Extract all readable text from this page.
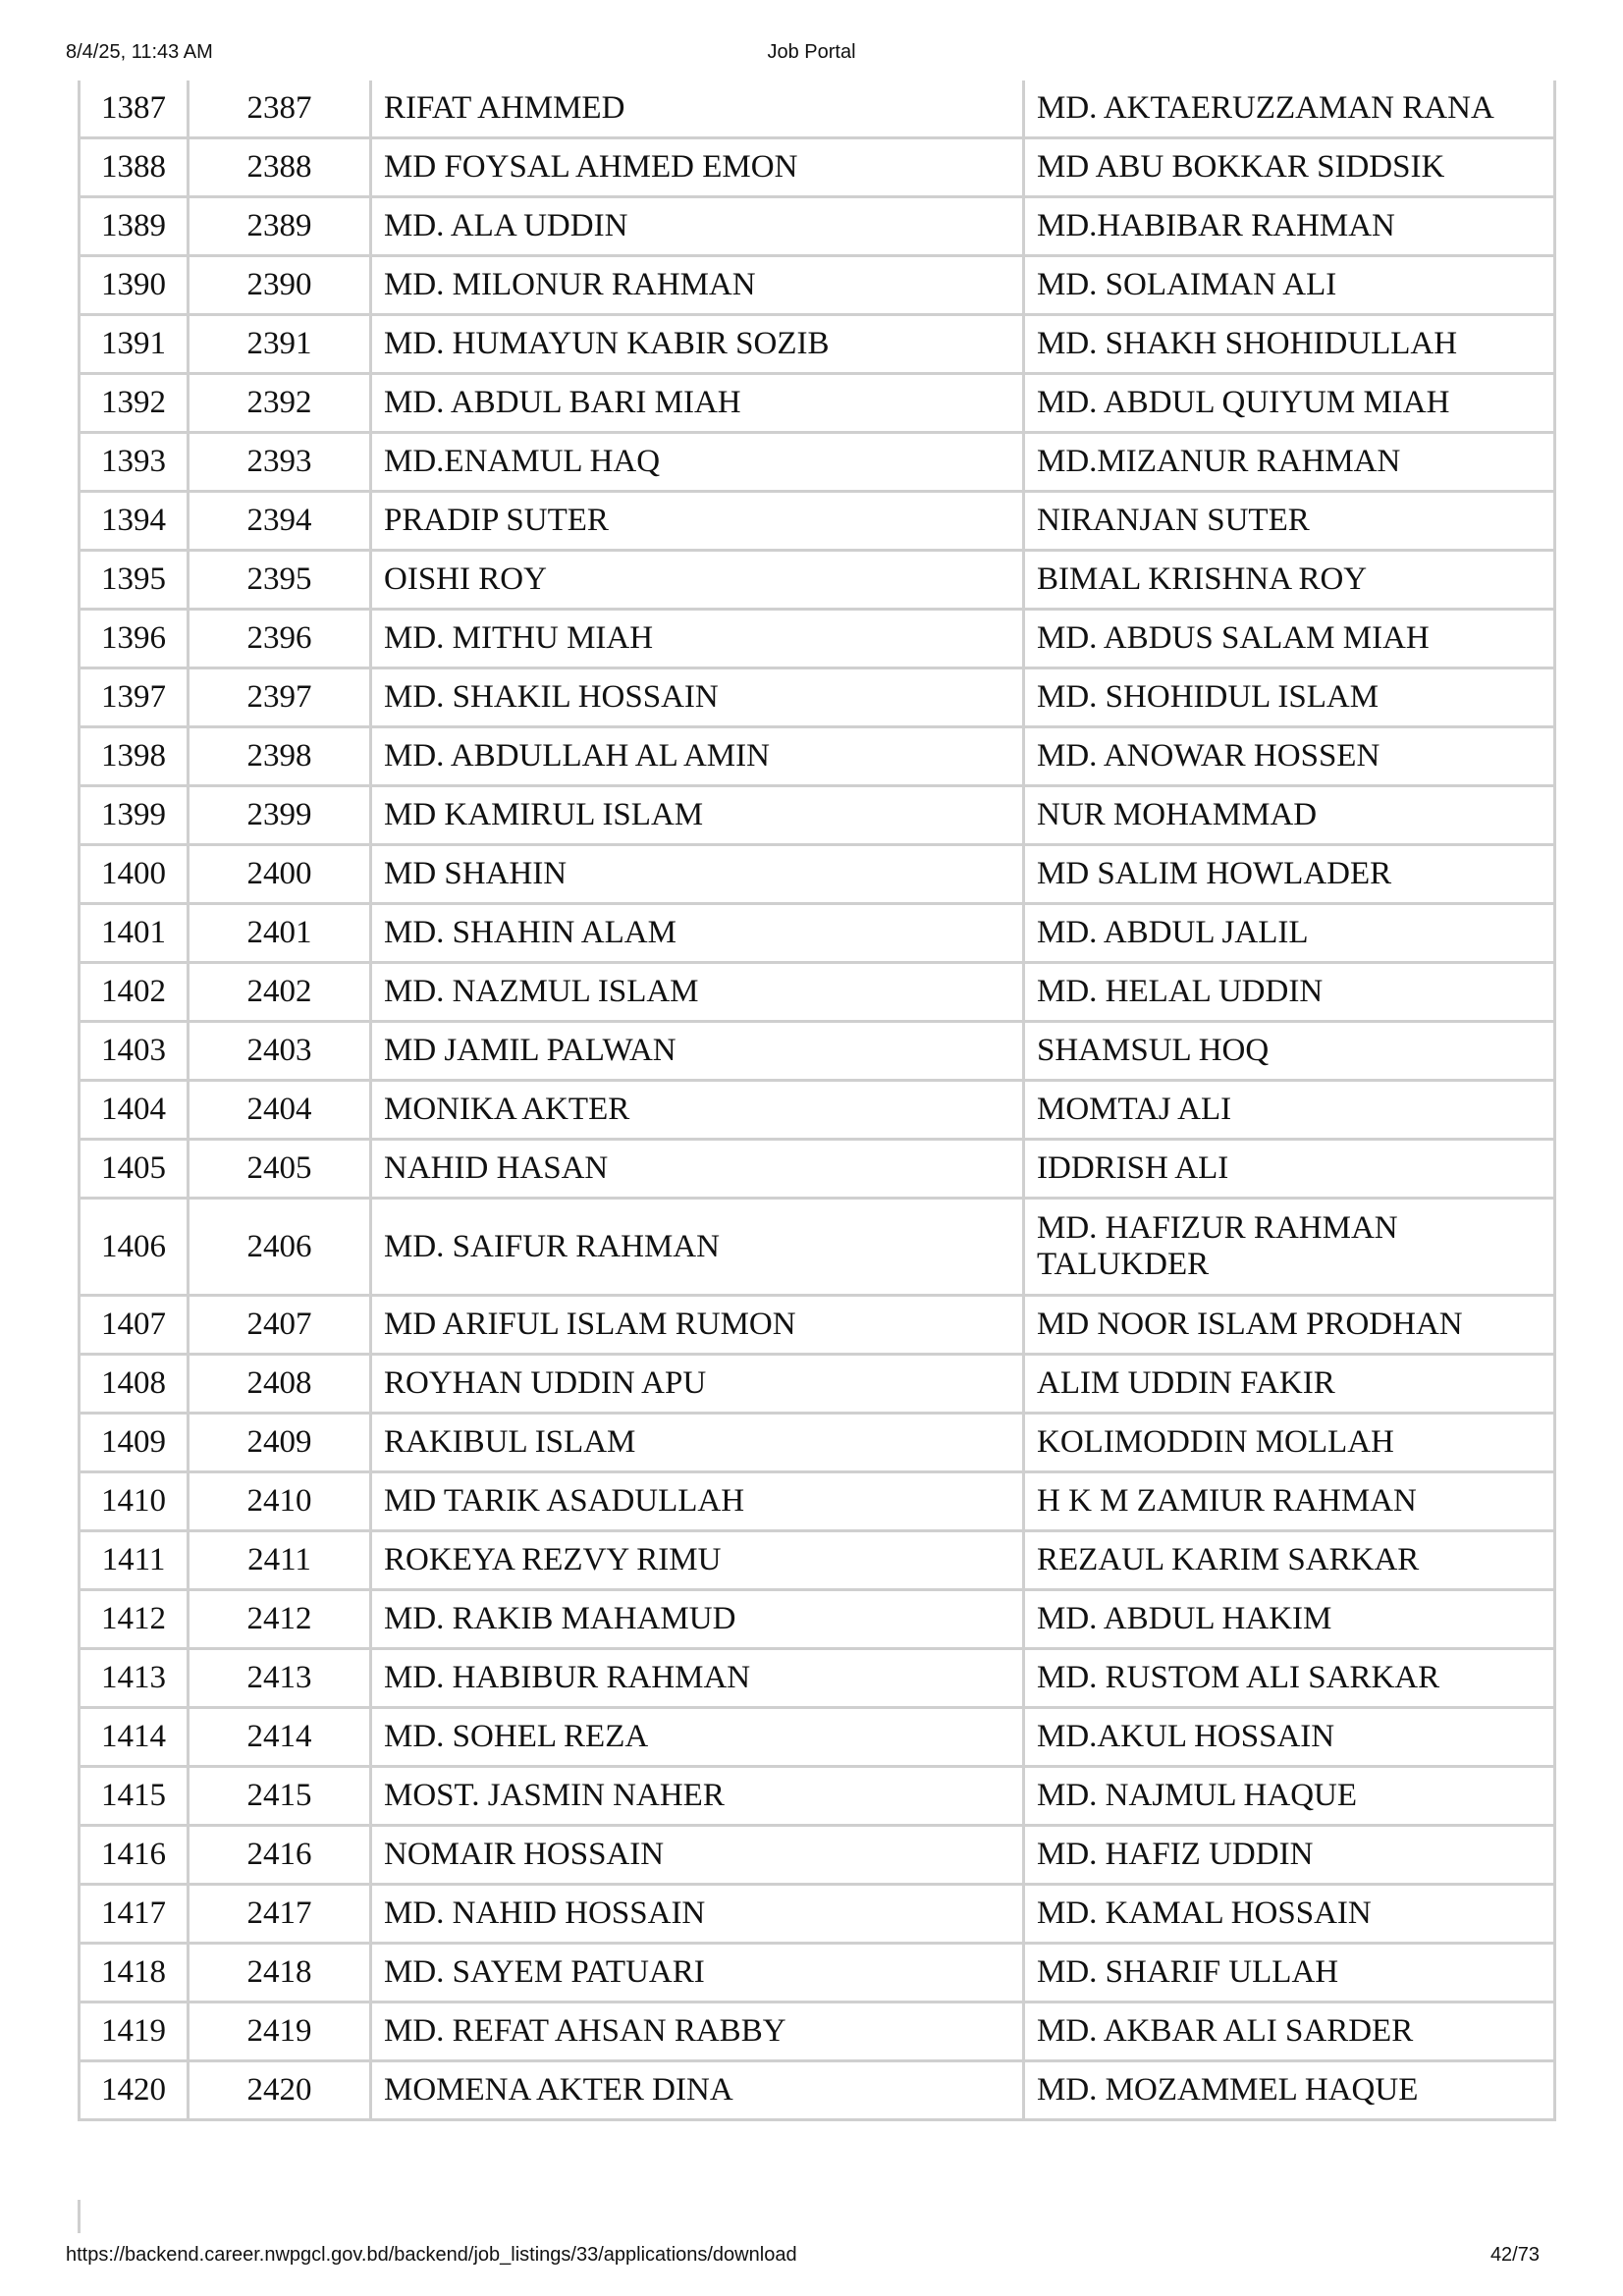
8/4/25, 11:43 AM	Job Portal
1387	2387	RIFAT AHMMED	MD. AKTAERUZZAMAN RANA
1388	2388	MD FOYSAL AHMED EMON	MD ABU BOKKAR SIDDSIK
1389	2389	MD. ALA UDDIN	MD.HABIBAR RAHMAN
1390	2390	MD. MILONUR RAHMAN	MD. SOLAIMAN ALI
1391	2391	MD. HUMAYUN KABIR SOZIB	MD. SHAKH SHOHIDULLAH
1392	2392	MD. ABDUL BARI MIAH	MD. ABDUL QUIYUM MIAH
1393	2393	MD.ENAMUL HAQ	MD.MIZANUR RAHMAN
1394	2394	PRADIP SUTER	NIRANJAN SUTER
1395	2395	OISHI ROY	BIMAL KRISHNA ROY
1396	2396	MD. MITHU MIAH	MD. ABDUS SALAM MIAH
1397	2397	MD. SHAKIL HOSSAIN	MD. SHOHIDUL ISLAM
1398	2398	MD. ABDULLAH AL AMIN	MD. ANOWAR HOSSEN
1399	2399	MD KAMIRUL ISLAM	NUR MOHAMMAD
1400	2400	MD SHAHIN	MD SALIM HOWLADER
1401	2401	MD. SHAHIN ALAM	MD. ABDUL JALIL
1402	2402	MD. NAZMUL ISLAM	MD. HELAL UDDIN
1403	2403	MD JAMIL PALWAN	SHAMSUL HOQ
1404	2404	MONIKA AKTER	MOMTAJ ALI
1405	2405	NAHID HASAN	IDDRISH ALI
1406	2406	MD. SAIFUR RAHMAN	MD. HAFIZUR RAHMAN TALUKDER
1407	2407	MD ARIFUL ISLAM RUMON	MD NOOR ISLAM PRODHAN
1408	2408	ROYHAN UDDIN APU	ALIM UDDIN FAKIR
1409	2409	RAKIBUL ISLAM	KOLIMODDIN MOLLAH
1410	2410	MD TARIK ASADULLAH	H K M ZAMIUR RAHMAN
1411	2411	ROKEYA REZVY RIMU	REZAUL KARIM SARKAR
1412	2412	MD. RAKIB MAHAMUD	MD. ABDUL HAKIM
1413	2413	MD. HABIBUR RAHMAN	MD. RUSTOM ALI SARKAR
1414	2414	MD. SOHEL REZA	MD.AKUL HOSSAIN
1415	2415	MOST. JASMIN NAHER	MD. NAJMUL HAQUE
1416	2416	NOMAIR HOSSAIN	MD. HAFIZ UDDIN
1417	2417	MD. NAHID HOSSAIN	MD. KAMAL HOSSAIN
1418	2418	MD. SAYEM PATUARI	MD. SHARIF ULLAH
1419	2419	MD. REFAT AHSAN RABBY	MD. AKBAR ALI SARDER
1420	2420	MOMENA AKTER DINA	MD. MOZAMMEL HAQUE
https://backend.career.nwpgcl.gov.bd/backend/job_listings/33/applications/download	42/73
